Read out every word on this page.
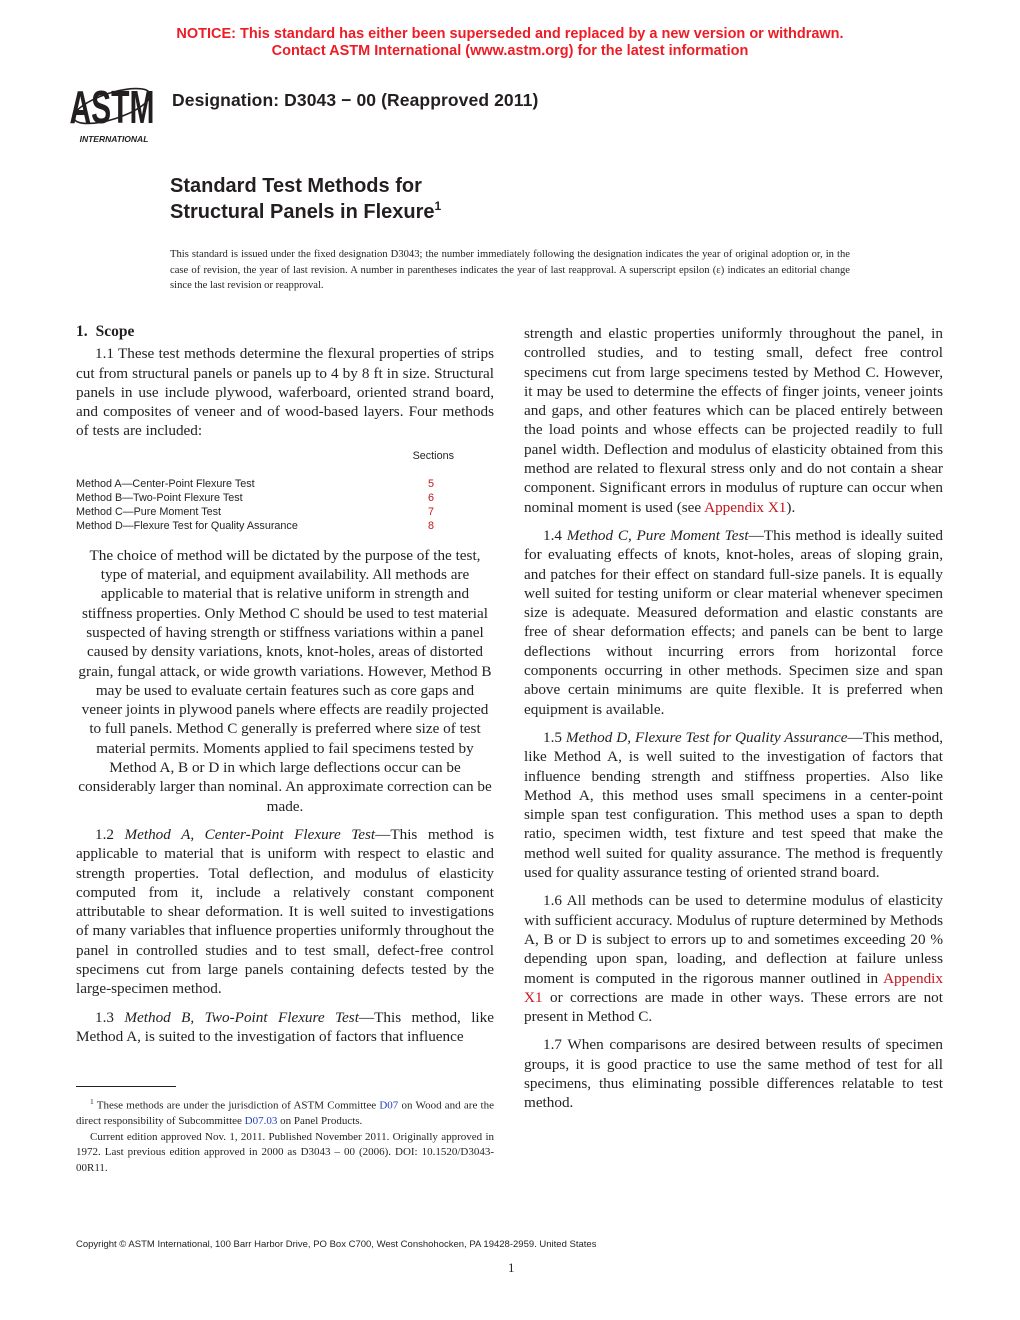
NOTICE: This standard has either been superseded and replaced by a new version or withdrawn.
Contact ASTM International (www.astm.org) for the latest information
ASTM
INTERNATIONAL
Designation: D3043 − 00 (Reapproved 2011)
Standard Test Methods for
Structural Panels in Flexure$^1$
This standard is issued under the fixed designation D3043; the number immediately following the designation indicates the year of original adoption or, in the case of revision, the year of last revision. A number in parentheses indicates the year of last reapproval. A superscript epsilon (ε) indicates an editorial change since the last revision or reapproval.
1. Scope

1.1 These test methods determine the flexural properties of strips cut from structural panels or panels up to 4 by 8 ft in size. Structural panels in use include plywood, waferboard, oriented strand board, and composites of veneer and of wood-based layers. Four methods of tests are included:

Sections
Method A—Center-Point Flexure Test	5
Method B—Two-Point Flexure Test	6
Method C—Pure Moment Test	7
Method D—Flexure Test for Quality Assurance	8

The choice of method will be dictated by the purpose of the test, type of material, and equipment availability. All methods are applicable to material that is relative uniform in strength and stiffness properties. Only Method C should be used to test material suspected of having strength or stiffness variations within a panel caused by density variations, knots, knot-holes, areas of distorted grain, fungal attack, or wide growth variations. However, Method B may be used to evaluate certain features such as core gaps and veneer joints in plywood panels where effects are readily projected to full panels. Method C generally is preferred where size of test material permits. Moments applied to fail specimens tested by Method A, B or D in which large deflections occur can be considerably larger than nominal. An approximate correction can be made.

1.2 Method A, Center-Point Flexure Test—This method is applicable to material that is uniform with respect to elastic and strength properties. Total deflection, and modulus of elasticity computed from it, include a relatively constant component attributable to shear deformation. It is well suited to investigations of many variables that influence properties uniformly throughout the panel in controlled studies and to test small, defect-free control specimens cut from large panels containing defects tested by the large-specimen method.

1.3 Method B, Two-Point Flexure Test—This method, like Method A, is suited to the investigation of factors that influence

$^1$ These methods are under the jurisdiction of ASTM Committee D07 on Wood and are the direct responsibility of Subcommittee D07.03 on Panel Products.

Current edition approved Nov. 1, 2011. Published November 2011. Originally approved in 1972. Last previous edition approved in 2000 as D3043 – 00 (2006). DOI: 10.1520/D3043-00R11.

strength and elastic properties uniformly throughout the panel, in controlled studies, and to testing small, defect free control specimens cut from large specimens tested by Method C. However, it may be used to determine the effects of finger joints, veneer joints and gaps, and other features which can be placed entirely between the load points and whose effects can be projected readily to full panel width. Deflection and modulus of elasticity obtained from this method are related to flexural stress only and do not contain a shear component. Significant errors in modulus of rupture can occur when nominal moment is used (see Appendix X1).

1.4 Method C, Pure Moment Test—This method is ideally suited for evaluating effects of knots, knot-holes, areas of sloping grain, and patches for their effect on standard full-size panels. It is equally well suited for testing uniform or clear material whenever specimen size is adequate. Measured deformation and elastic constants are free of shear deformation effects; and panels can be bent to large deflections without incurring errors from horizontal force components occurring in other methods. Specimen size and span above certain minimums are quite flexible. It is preferred when equipment is available.

1.5 Method D, Flexure Test for Quality Assurance—This method, like Method A, is well suited to the investigation of factors that influence bending strength and stiffness properties. Also like Method A, this method uses small specimens in a center-point simple span test configuration. This method uses a span to depth ratio, specimen width, test fixture and test speed that make the method well suited for quality assurance. The method is frequently used for quality assurance testing of oriented strand board.

1.6 All methods can be used to determine modulus of elasticity with sufficient accuracy. Modulus of rupture determined by Methods A, B or D is subject to errors up to and sometimes exceeding 20 % depending upon span, loading, and deflection at failure unless moment is computed in the rigorous manner outlined in Appendix X1 or corrections are made in other ways. These errors are not present in Method C.

1.7 When comparisons are desired between results of specimen groups, it is good practice to use the same method of test for all specimens, thus eliminating possible differences relatable to test method.

Copyright © ASTM International, 100 Barr Harbor Drive, PO Box C700, West Conshohocken, PA 19428-2959. United States
1
